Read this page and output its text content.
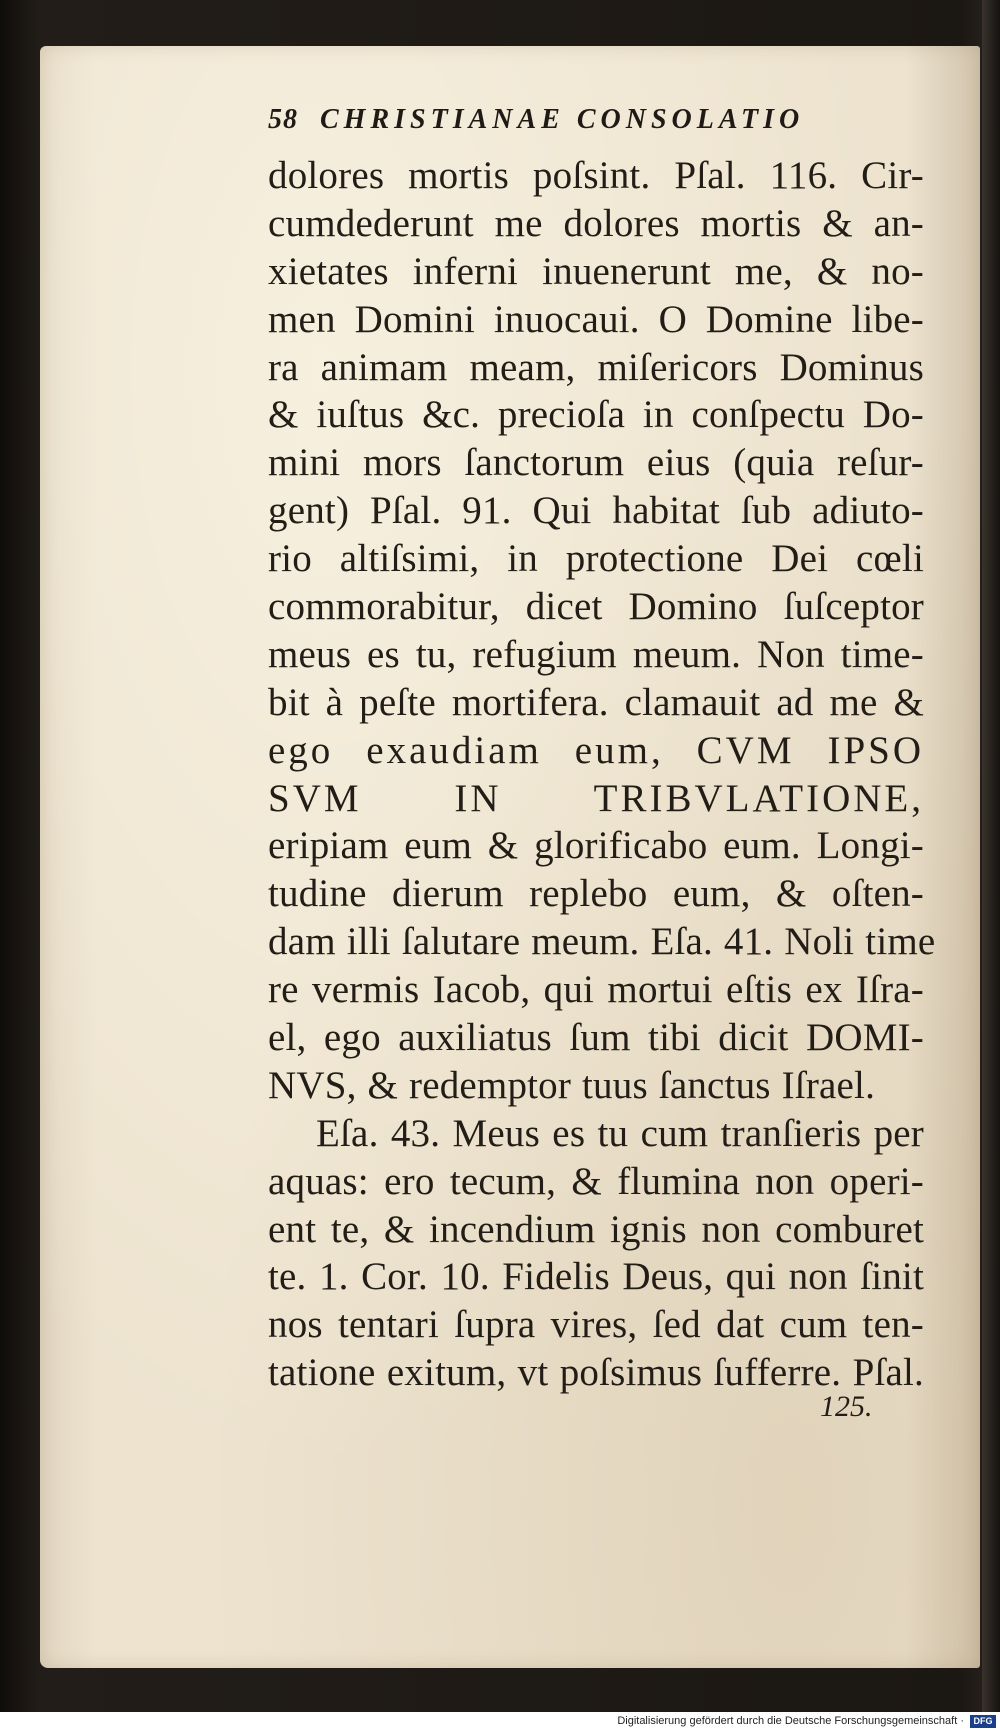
58 CHRISTIANAE CONSOLATIO
dolores mortis poſsint. Pſal. 116. Cir-
cumdederunt me dolores mortis & an-
xietates inferni inuenerunt me, & no-
men Domini inuocaui. O Domine libe-
ra animam meam, miſericors Dominus
& iuſtus &c. precioſa in conſpectu Do-
mini mors ſanctorum eius (quia reſur-
gent) Pſal. 91. Qui habitat ſub adiuto-
rio altiſsimi, in protectione Dei cœli
commorabitur, dicet Domino ſuſceptor
meus es tu, refugium meum. Non time-
bit à peſte mortifera. clamauit ad me &
ego exaudiam eum, CVM IPSO
SVM IN TRIBVLATIONE,
eripiam eum & glorificabo eum. Longi-
tudine dierum replebo eum, & oſten-
dam illi ſalutare meum. Eſa. 41. Noli time
re vermis Iacob, qui mortui eſtis ex Iſra-
el, ego auxiliatus ſum tibi dicit DOMI-
NVS, & redemptor tuus ſanctus Iſrael.
Eſa. 43. Meus es tu cum tranſieris per
aquas: ero tecum, & flumina non operi-
ent te, & incendium ignis non comburet
te. 1. Cor. 10. Fidelis Deus, qui non ſinit
nos tentari ſupra vires, ſed dat cum ten-
tatione exitum, vt poſsimus ſufferre. Pſal.
125.
Digitalisierung gefördert durch die Deutsche Forschungsgemeinschaft ·	DFG
